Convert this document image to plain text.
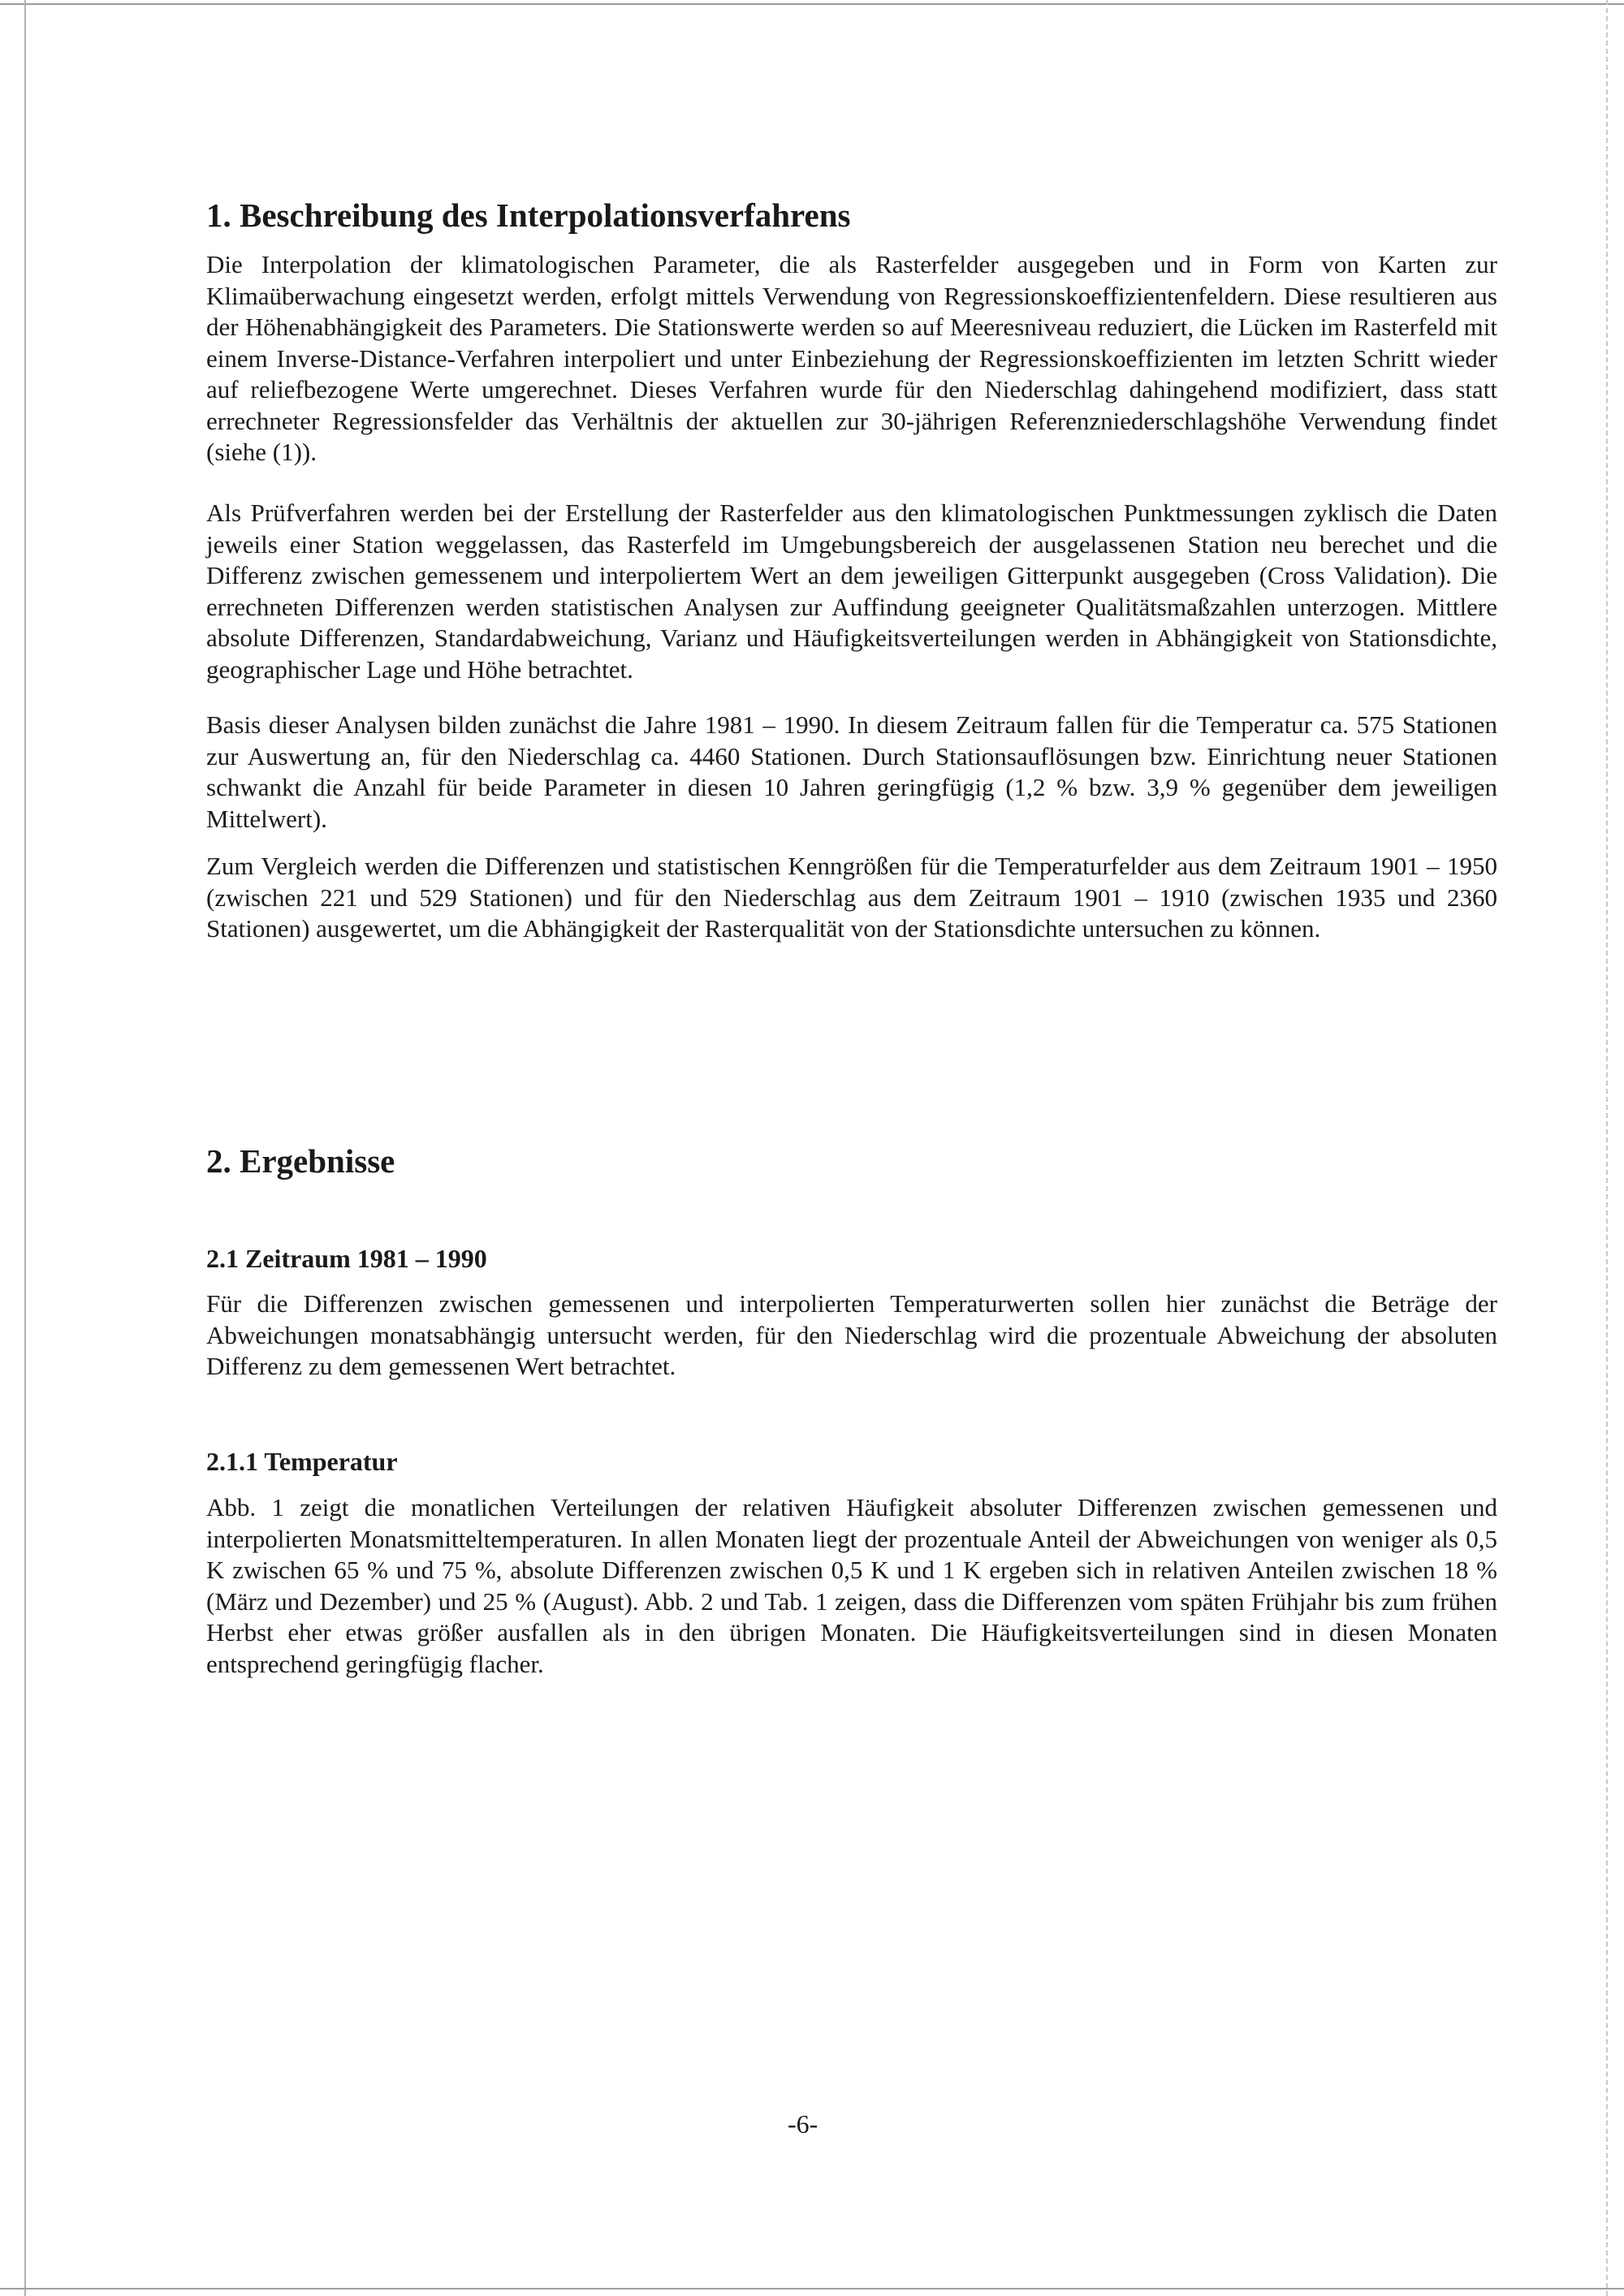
1. Beschreibung des Interpolationsverfahrens

Die Interpolation der klimatologischen Parameter, die als Rasterfelder ausgegeben und in Form von Karten zur Klimaüberwachung eingesetzt werden, erfolgt mittels Verwendung von Regressionskoeffizientenfeldern. Diese resultieren aus der Höhenabhängigkeit des Parameters. Die Stationswerte werden so auf Meeresniveau reduziert, die Lücken im Rasterfeld mit einem Inverse-Distance-Verfahren interpoliert und unter Einbeziehung der Regressionskoeffizienten im letzten Schritt wieder auf reliefbezogene Werte umgerechnet. Dieses Verfahren wurde für den Niederschlag dahingehend modifiziert, dass statt errechneter Regressionsfelder das Verhältnis der aktuellen zur 30-jährigen Referenzniederschlagshöhe Verwendung findet (siehe (1)).

Als Prüfverfahren werden bei der Erstellung der Rasterfelder aus den klimatologischen Punktmessungen zyklisch die Daten jeweils einer Station weggelassen, das Rasterfeld im Umgebungsbereich der ausgelassenen Station neu berechet und die Differenz zwischen gemessenem und interpoliertem Wert an dem jeweiligen Gitterpunkt ausgegeben (Cross Validation). Die errechneten Differenzen werden statistischen Analysen zur Auffindung geeigneter Qualitätsmaßzahlen unterzogen. Mittlere absolute Differenzen, Standardabweichung, Varianz und Häufigkeitsverteilungen werden in Abhängigkeit von Stationsdichte, geographischer Lage und Höhe betrachtet.

Basis dieser Analysen bilden zunächst die Jahre 1981 – 1990. In diesem Zeitraum fallen für die Temperatur ca. 575 Stationen zur Auswertung an, für den Niederschlag ca. 4460 Stationen. Durch Stationsauflösungen bzw. Einrichtung neuer Stationen schwankt die Anzahl für beide Parameter in diesen 10 Jahren geringfügig (1,2 % bzw. 3,9 % gegenüber dem jeweiligen Mittelwert).

Zum Vergleich werden die Differenzen und statistischen Kenngrößen für die Temperaturfelder aus dem Zeitraum 1901 – 1950 (zwischen 221 und 529 Stationen) und für den Niederschlag aus dem Zeitraum 1901 – 1910 (zwischen 1935 und 2360 Stationen) ausgewertet, um die Abhängigkeit der Rasterqualität von der Stationsdichte untersuchen zu können.

2. Ergebnisse
2.1 Zeitraum 1981 – 1990

Für die Differenzen zwischen gemessenen und interpolierten Temperaturwerten sollen hier zunächst die Beträge der Abweichungen monatsabhängig untersucht werden, für den Niederschlag wird die prozentuale Abweichung der absoluten Differenz zu dem gemessenen Wert betrachtet.

2.1.1 Temperatur

Abb. 1 zeigt die monatlichen Verteilungen der relativen Häufigkeit absoluter Differenzen zwischen gemessenen und interpolierten Monatsmitteltemperaturen. In allen Monaten liegt der prozentuale Anteil der Abweichungen von weniger als 0,5 K zwischen 65 % und 75 %, absolute Differenzen zwischen 0,5 K und 1 K ergeben sich in relativen Anteilen zwischen 18 % (März und Dezember) und 25 % (August). Abb. 2 und Tab. 1 zeigen, dass die Differenzen vom späten Frühjahr bis zum frühen Herbst eher etwas größer ausfallen als in den übrigen Monaten. Die Häufigkeitsverteilungen sind in diesen Monaten entsprechend geringfügig flacher.

-6-
